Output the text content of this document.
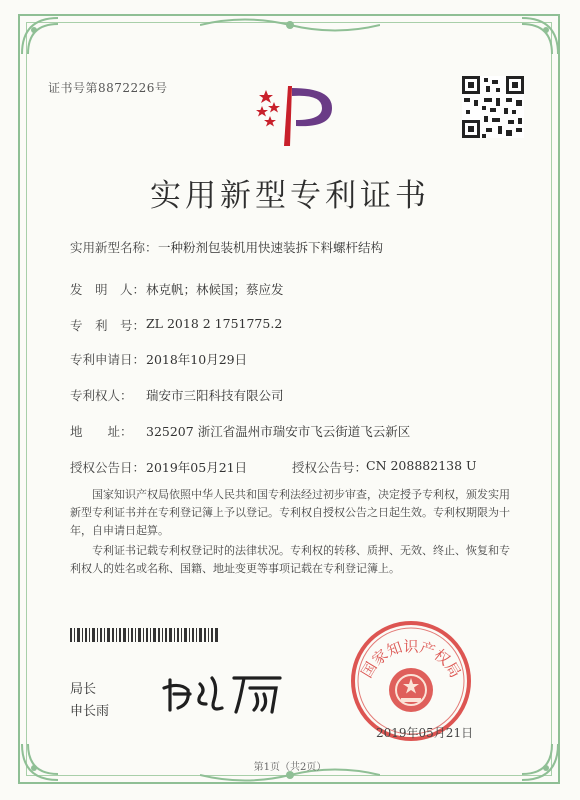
证书号第8872226号
实用新型专利证书
实用新型名称： 一种粉剂包装机用快速装拆下料螺杆结构
发　明　人： 林克帆；林候国；蔡应发
专　利　号： ZL 2018 2 1751775.2
专利申请日： 2018年10月29日
专利权人： 瑞安市三阳科技有限公司
地　　址： 325207 浙江省温州市瑞安市飞云街道飞云新区
授权公告日： 2019年05月21日	授权公告号：
CN 208882138 U
国家知识产权局依照中华人民共和国专利法经过初步审查，决定授予专利权，颁发实用新型专利证书并在专利登记簿上予以登记。专利权自授权公告之日起生效。专利权期限为十年，自申请日起算。
专利证书记载专利权登记时的法律状况。专利权的转移、质押、无效、终止、恢复和专利权人的姓名或名称、国籍、地址变更等事项记载在专利登记簿上。
局长
申长雨
国家知识产权局
2019年05月21日
第1页（共2页）
